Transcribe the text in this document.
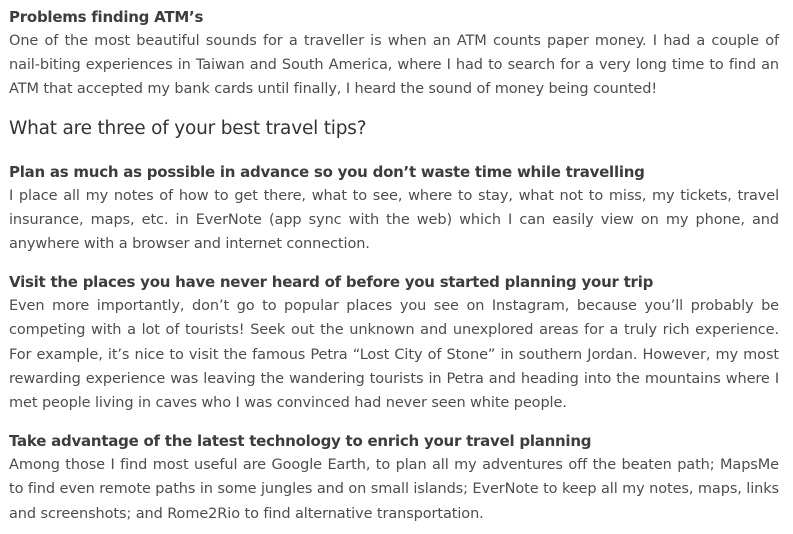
Problems finding ATM’s

One of the most beautiful sounds for a traveller is when an ATM counts paper money. I had a couple of nail-biting experiences in Taiwan and South America, where I had to search for a very long time to find an ATM that accepted my bank cards until finally, I heard the sound of money being counted!

What are three of your best travel tips?

Plan as much as possible in advance so you don’t waste time while travelling

I place all my notes of how to get there, what to see, where to stay, what not to miss, my tickets, travel insurance, maps, etc. in EverNote (app sync with the web) which I can easily view on my phone, and anywhere with a browser and internet connection.

Visit the places you have never heard of before you started planning your trip

Even more importantly, don’t go to popular places you see on Instagram, because you’ll probably be competing with a lot of tourists! Seek out the unknown and unexplored areas for a truly rich experience. For example, it’s nice to visit the famous Petra “Lost City of Stone” in southern Jordan. However, my most rewarding experience was leaving the wandering tourists in Petra and heading into the mountains where I met people living in caves who I was convinced had never seen white people.

Take advantage of the latest technology to enrich your travel planning

Among those I find most useful are Google Earth, to plan all my adventures off the beaten path; MapsMe to find even remote paths in some jungles and on small islands; EverNote to keep all my notes, maps, links and screenshots; and Rome2Rio to find alternative transportation.
